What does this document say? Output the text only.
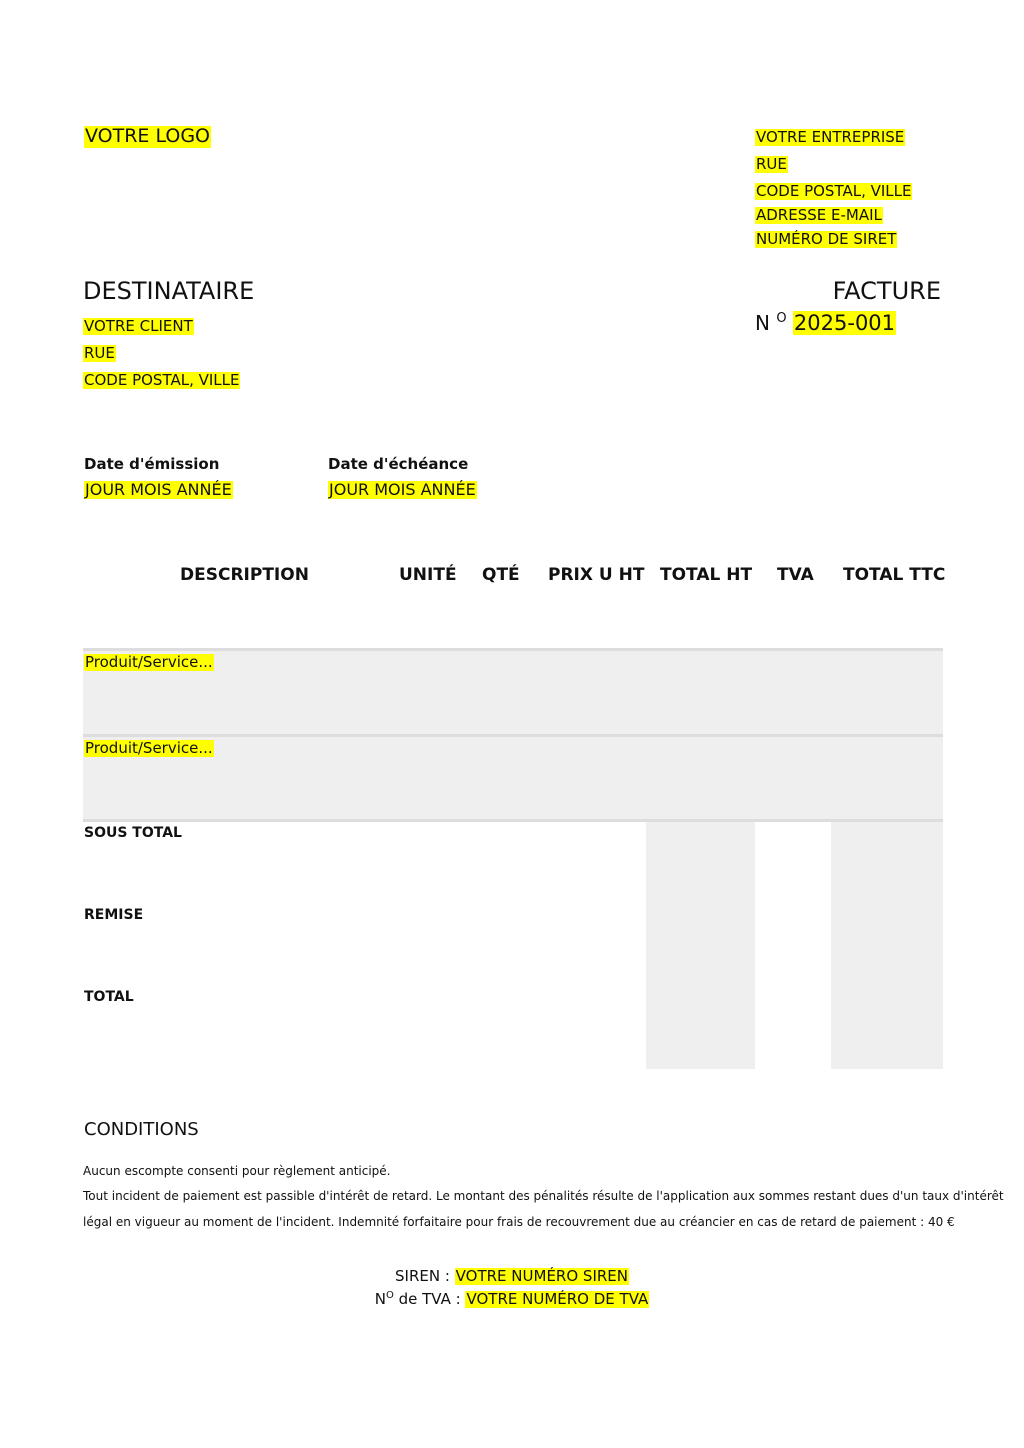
VOTRE LOGO	VOTRE ENTREPRISE
RUE
CODE POSTAL, VILLE
ADRESSE E-MAIL
NUMÉRO DE SIRET
DESTINATAIRE
VOTRE CLIENT
RUE
CODE POSTAL, VILLE
FACTURE
N $^O$ 2025-001
Date d'émission
JOUR MOIS ANNÉE
Date d'échéance
JOUR MOIS ANNÉE
DESCRIPTION	UNITÉ QTÉ PRIX U HT TOTAL HT TVA TOTAL TTC
Produit/Service...
Produit/Service...
SOUS TOTAL
REMISE
TOTAL
CONDITIONS
Aucun escompte consenti pour règlement anticipé.
Tout incident de paiement est passible d'intérêt de retard. Le montant des pénalités résulte de l'application aux sommes restant dues d'un taux d'intérêt
légal en vigueur au moment de l'incident. Indemnité forfaitaire pour frais de recouvrement due au créancier en cas de retard de paiement : 40 €
SIREN : VOTRE NUMÉRO SIREN
$N^O$ de TVA : VOTRE NUMÉRO DE TVA
